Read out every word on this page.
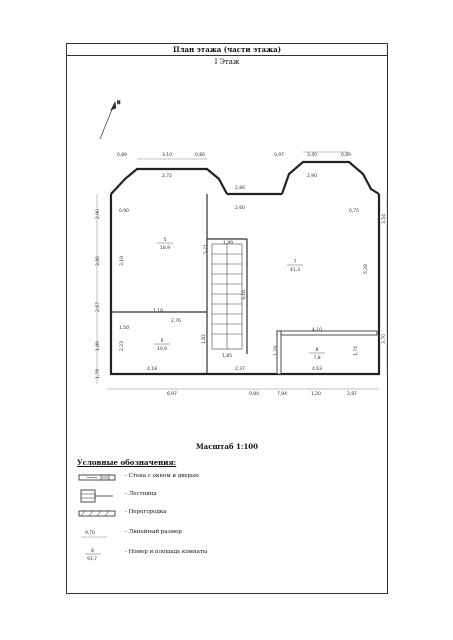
План этажа (части этажа)
I Этаж
N
5
18,9
6
10,9
7
41,3
8
7,8
0,89	3,10	0,80	0,97	3,40	0,89
2,72
2,86
2,90
2,60
0,90	0,75
2,90
3,80
2,67
1,89
1,79
3,19
2,23
3,54
5,28
3,70
1,99
5,21
3,16
4,10
1,10
2,76
1,50
1,82
1,29
1,85
1,74
4,18	2,37	4,63
6,97	0,84	7,94	1,20	2,87
Масштаб 1:100
Условные обозначения:
- Стена с окном и дверью
- Лестница
- Перегородка
9,70	- Линейный размер
8
93,7
- Номер и площадь комнаты
